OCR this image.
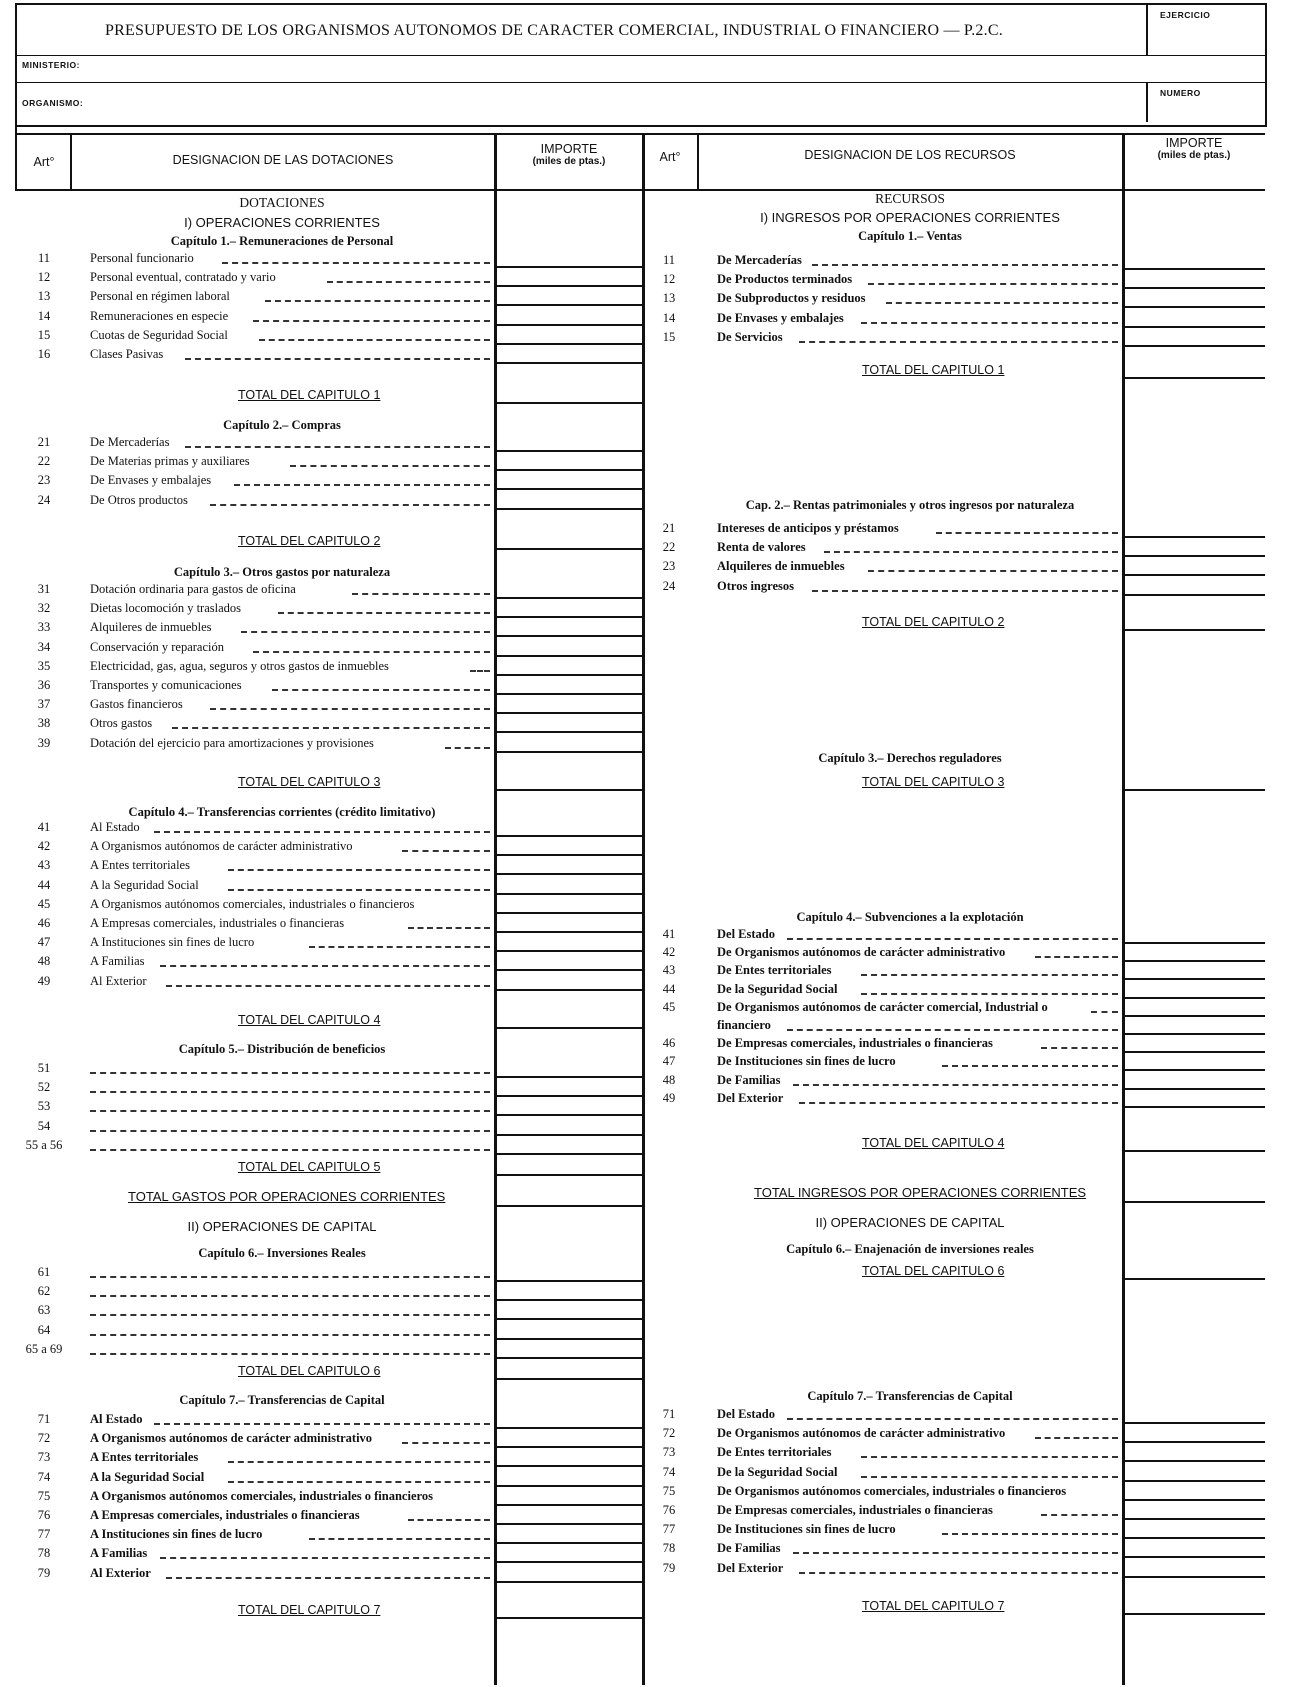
PRESUPUESTO DE LOS ORGANISMOS AUTONOMOS DE CARACTER COMERCIAL, INDUSTRIAL O FINANCIERO — P.2.C.
EJERCICIO
MINISTERIO:
ORGANISMO:
NUMERO
Art°	DESIGNACION DE LAS DOTACIONES
IMPORTE
(miles de ptas.)	Art°	DESIGNACION DE LOS RECURSOS
IMPORTE
(miles de ptas.)
DOTACIONES
I) OPERACIONES CORRIENTES
Capítulo 1.– Remuneraciones de Personal
11	Personal funcionario
12	Personal eventual, contratado y vario
13	Personal en régimen laboral
14	Remuneraciones en especie
15	Cuotas de Seguridad Social
16	Clases Pasivas
TOTAL DEL CAPITULO 1
Capítulo 2.– Compras
21	De Mercaderías
22	De Materias primas y auxiliares
23	De Envases y embalajes
24	De Otros productos
TOTAL DEL CAPITULO 2
Capítulo 3.– Otros gastos por naturaleza
31	Dotación ordinaria para gastos de oficina
32	Dietas locomoción y traslados
33	Alquileres de inmuebles
34	Conservación y reparación
35	Electricidad, gas, agua, seguros y otros gastos de inmuebles
36	Transportes y comunicaciones
37	Gastos financieros
38	Otros gastos
39	Dotación del ejercicio para amortizaciones y provisiones
TOTAL DEL CAPITULO 3
Capítulo 4.– Transferencias corrientes (crédito limitativo)
41	Al Estado
42	A Organismos autónomos de carácter administrativo
43	A Entes territoriales
44	A la Seguridad Social
45	A Organismos autónomos comerciales, industriales o financieros
46	A Empresas comerciales, industriales o financieras
47	A Instituciones sin fines de lucro
48	A Familias
49	Al Exterior
TOTAL DEL CAPITULO 4
Capítulo 5.– Distribución de beneficios
51
52
53
54
55 a 56
TOTAL DEL CAPITULO 5
TOTAL GASTOS POR OPERACIONES CORRIENTES
II) OPERACIONES DE CAPITAL
Capítulo 6.– Inversiones Reales
61
62
63
64
65 a 69
TOTAL DEL CAPITULO 6
Capítulo 7.– Transferencias de Capital
71	Al Estado
72	A Organismos autónomos de carácter administrativo
73	A Entes territoriales
74	A la Seguridad Social
75	A Organismos autónomos comerciales, industriales o financieros
76	A Empresas comerciales, industriales o financieras
77	A Instituciones sin fines de lucro
78	A Familias
79	Al Exterior
TOTAL DEL CAPITULO 7
RECURSOS
I) INGRESOS POR OPERACIONES CORRIENTES
Capítulo 1.– Ventas
11	De Mercaderías
12	De Productos terminados
13	De Subproductos y residuos
14	De Envases y embalajes
15	De Servicios
TOTAL DEL CAPITULO 1
Cap. 2.– Rentas patrimoniales y otros ingresos por naturaleza
21	Intereses de anticipos y préstamos
22	Renta de valores
23	Alquileres de inmuebles
24	Otros ingresos
TOTAL DEL CAPITULO 2
Capítulo 3.– Derechos reguladores
TOTAL DEL CAPITULO 3
Capítulo 4.– Subvenciones a la explotación
41	Del Estado
42	De Organismos autónomos de carácter administrativo
43	De Entes territoriales
44	De la Seguridad Social
45	De Organismos autónomos de carácter comercial, Industrial o
financiero
46	De Empresas comerciales, industriales o financieras
47	De Instituciones sin fines de lucro
48	De Familias
49	Del Exterior
TOTAL DEL CAPITULO 4
TOTAL INGRESOS POR OPERACIONES CORRIENTES
II) OPERACIONES DE CAPITAL
Capítulo 6.– Enajenación de inversiones reales
TOTAL DEL CAPITULO 6
Capítulo 7.– Transferencias de Capital
71	Del Estado
72	De Organismos autónomos de carácter administrativo
73	De Entes territoriales
74	De la Seguridad Social
75	De Organismos autónomos comerciales, industriales o financieros
76	De Empresas comerciales, industriales o financieras
77	De Instituciones sin fines de lucro
78	De Familias
79	Del Exterior
TOTAL DEL CAPITULO 7
